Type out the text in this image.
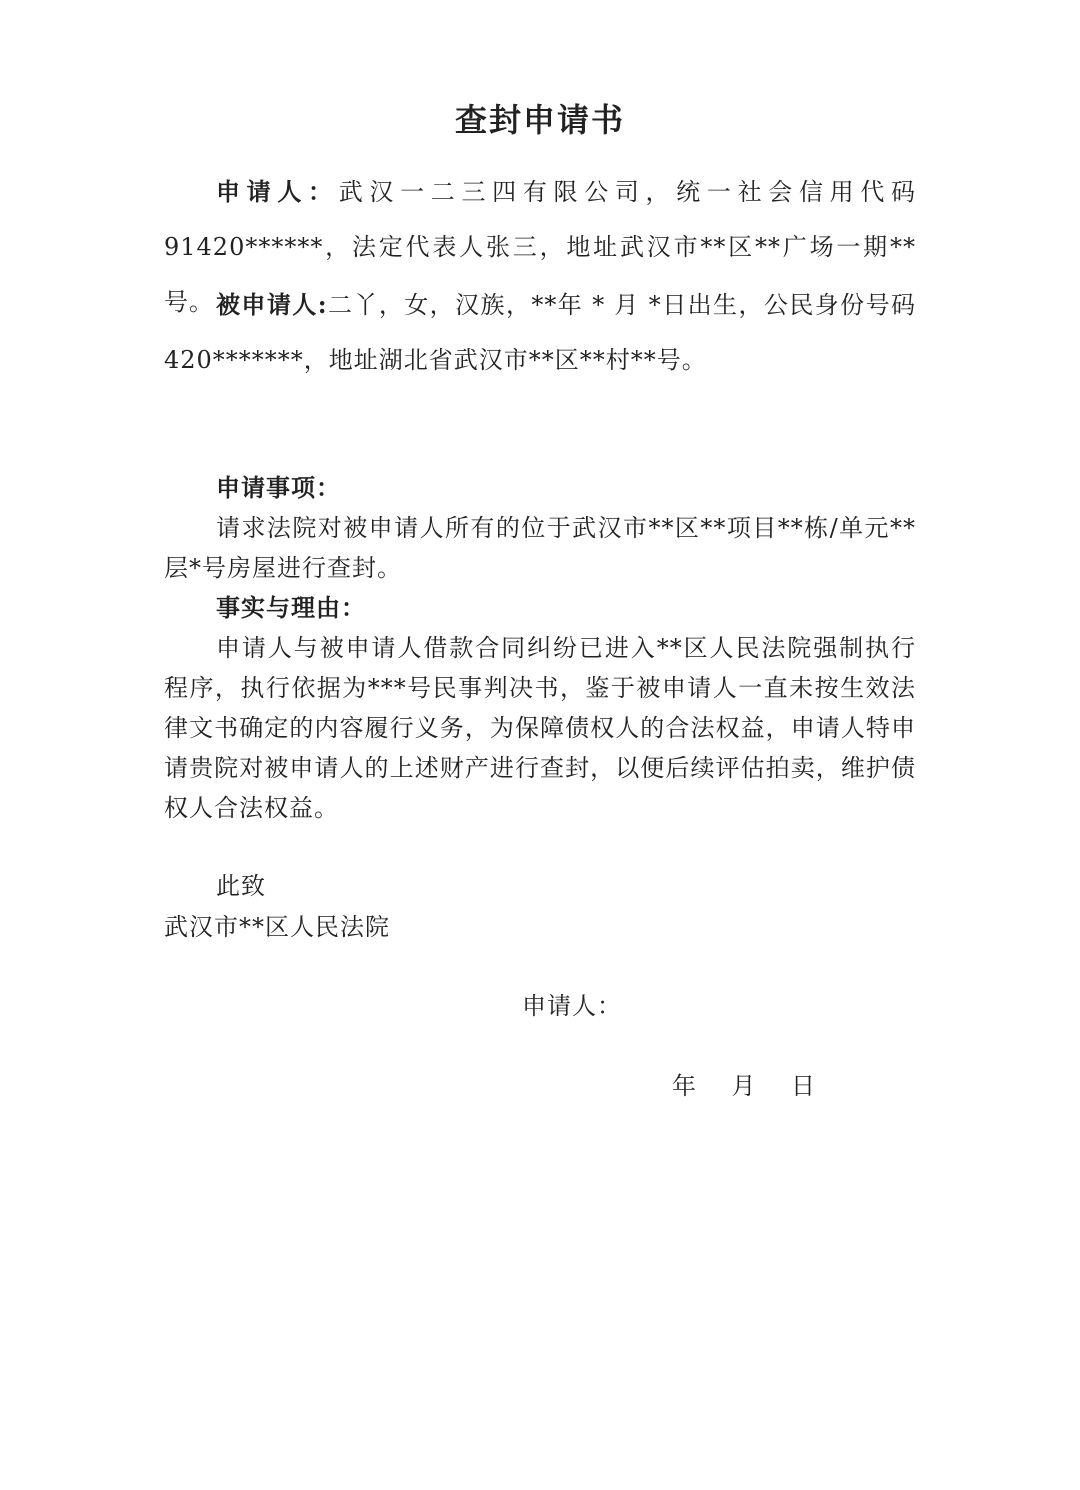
查封申请书
申请人：武汉一二三四有限公司，统一社会信用代码91420******，法定代表人张三，地址武汉市**区**广场一期**号。 被申请人:二丫，女，汉族，**年 * 月 *日出生，公民身份号码420*******，地址湖北省武汉市**区**村**号。
申请事项：
请求法院对被申请人所有的位于武汉市**区**项目**栋/单元**层*号房屋进行查封。
事实与理由：
申请人与被申请人借款合同纠纷已进入**区人民法院强制执行程序，执行依据为***号民事判决书，鉴于被申请人一直未按生效法律文书确定的内容履行义务，为保障债权人的合法权益，申请人特申请贵院对被申请人的上述财产进行查封，以便后续评估拍卖，维护债权人合法权益。
此致
武汉市**区人民法院
申请人：
年    月    日
